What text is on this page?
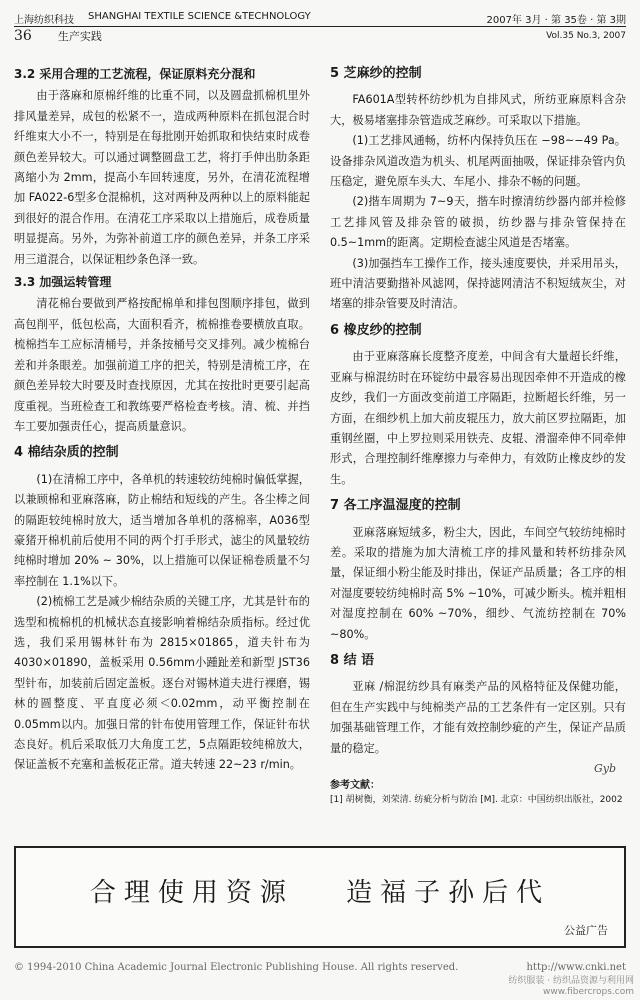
上海纺织科技 SHANGHAI TEXTILE SCIENCE &TECHNOLOGY	2007年 3月 · 第 35卷 · 第 3期
36 生产实践	Vol.35 No.3, 2007
3.2 采用合理的工艺流程，保证原料充分混和

由于落麻和原棉纤维的比重不同，以及圆盘抓棉机里外排风量差异，成包的松紧不一，造成两种原料在抓包混合时纤维束大小不一，特别是在每批刚开始抓取和快结束时成卷颜色差异较大。可以通过调整圆盘工艺，将打手伸出肋条距离缩小为 2mm，提高小车回转速度，另外，在清花流程增加 FA022-6型多仓混棉机，这对两种及两种以上的原料能起到很好的混合作用。在清花工序采取以上措施后，成卷质量明显提高。另外，为弥补前道工序的颜色差异，并条工序采用三道混合，以保证粗纱条色泽一致。

3.3 加强运转管理

清花棉台要做到严格按配棉单和排包图顺序排包，做到高包削平，低包松高，大面积看齐，梳棉推卷要横放直取。梳棉挡车工应标清桶号，并条按桶号交叉排列。减少梳棉台差和并条眼差。加强前道工序的把关，特别是清梳工序，在颜色差异较大时要及时查找原因，尤其在按批时更要引起高度重视。当班检查工和教练要严格检查考核。清、梳、并挡车工要加强责任心，提高质量意识。

4 棉结杂质的控制

(1)在清棉工序中，各单机的转速较纺纯棉时偏低掌握，以兼顾棉和亚麻落麻，防止棉结和短线的产生。各尘棒之间的隔距较纯棉时放大，适当增加各单机的落棉率，A036型豪猪开棉机前后使用不同的两个打手形式，滤尘的风量较纺纯棉时增加 20% ~ 30%，以上措施可以保证棉卷质量不匀率控制在 1.1%以下。

(2)梳棉工艺是减少棉结杂质的关键工序，尤其是针布的选型和梳棉机的机械状态直接影响着棉结杂质指标。经过优选，我们采用锡林针布为 2815×01865，道夫针布为 4030×01890，盖板采用 0.56mm小踵趾差和新型 JST36型针布，加装前后固定盖板。逐台对锡林道夫进行裸磨，锡林的圆整度、平直度必须＜0.02mm，动平衡控制在 0.05mm以内。加强日常的针布使用管理工作，保证针布状态良好。机后采取低刀大角度工艺，5点隔距较纯棉放大，保证盖板不充塞和盖板花正常。道夫转速 22~23 r/min。

5 芝麻纱的控制

FA601A型转杯纺纱机为自排风式，所纺亚麻原料含杂大，极易堵塞排杂管造成芝麻纱。可采取以下措施。

(1)工艺排风通畅，纺杯内保持负压在 −98~−49 Pa。设备排杂风道改造为机头、机尾两面抽吸，保证排杂管内负压稳定，避免原车头大、车尾小、排杂不畅的问题。

(2)揩车周期为 7~9天，揩车时擦清纺纱器内部并检修工艺排风管及排杂管的破损，纺纱器与排杂管保持在 0.5~1mm的距离。定期检查滤尘风道是否堵塞。

(3)加强挡车工操作工作，接头速度要快，并采用吊头，班中清洁要勤揩补风滤网，保持滤网清洁不积短绒灰尘，对堵塞的排杂管要及时清洁。

6 橡皮纱的控制

由于亚麻落麻长度整齐度差，中间含有大量超长纤维，亚麻与棉混纺时在环锭纺中最容易出现因牵伸不开造成的橡皮纱，我们一方面改变前道工序隔距，拉断超长纤维，另一方面，在细纱机上加大前皮辊压力，放大前区罗拉隔距，加重钢丝圈，中上罗拉则采用铁壳、皮辊、滑溜牵伸不同牵伸形式，合理控制纤维摩擦力与牵伸力，有效防止橡皮纱的发生。

7 各工序温湿度的控制

亚麻落麻短绒多，粉尘大，因此，车间空气较纺纯棉时差。采取的措施为加大清梳工序的排风量和转杯纺排杂风量，保证细小粉尘能及时排出，保证产品质量；各工序的相对湿度要较纺纯棉时高 5% ~10%，可减少断头。梳并粗相对湿度控制在 60% ~70%，细纱、气流纺控制在 70% ~80%。

8 结 语

亚麻 /棉混纺纱具有麻类产品的风格特征及保健功能，但在生产实践中与纯棉类产品的工艺条件有一定区别。只有加强基础管理工作，才能有效控制纱疵的产生，保证产品质量的稳定。

Gyb
参考文献：
[1] 胡树衡，刘荣清. 纺疵分析与防治 [M]. 北京：中国纺织出版社，2002
合理使用资源 造福子孙后代
公益广告
© 1994-2010 China Academic Journal Electronic Publishing House. All rights reserved.	http://www.cnki.net
纺织服装 · 纺织品资源与利用网
www.fibercrops.com
